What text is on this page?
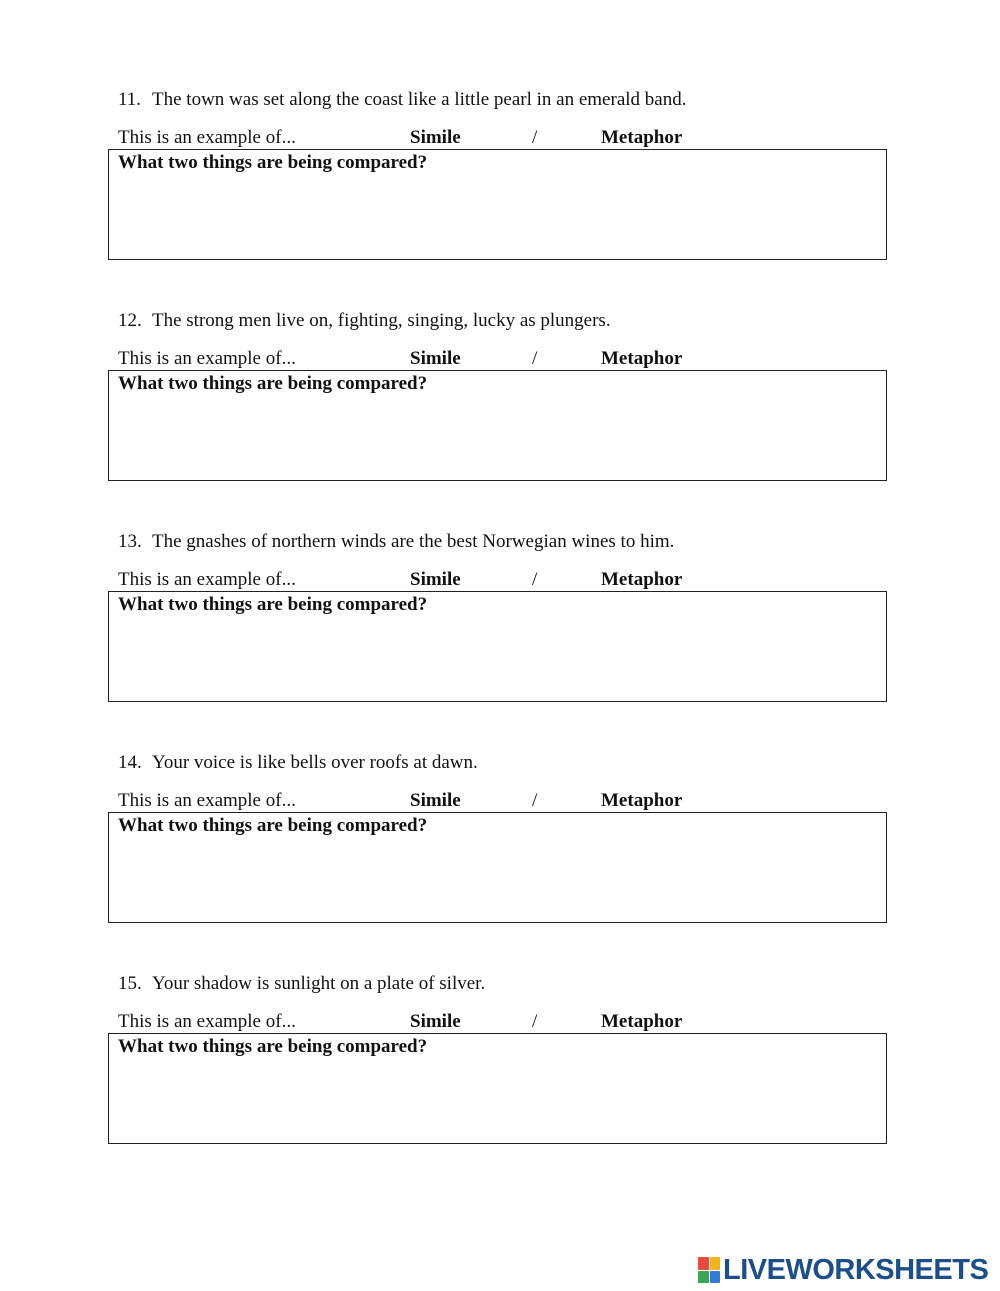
11. The town was set along the coast like a little pearl in an emerald band.
This is an example of...	Simile	/	Metaphor
What two things are being compared?
12. The strong men live on, fighting, singing, lucky as plungers.
This is an example of...	Simile	/	Metaphor
What two things are being compared?
13. The gnashes of northern winds are the best Norwegian wines to him.
This is an example of...	Simile	/	Metaphor
What two things are being compared?
14. Your voice is like bells over roofs at dawn.
This is an example of...	Simile	/	Metaphor
What two things are being compared?
15. Your shadow is sunlight on a plate of silver.
This is an example of...	Simile	/	Metaphor
What two things are being compared?
LIVEWORKSHEETS
